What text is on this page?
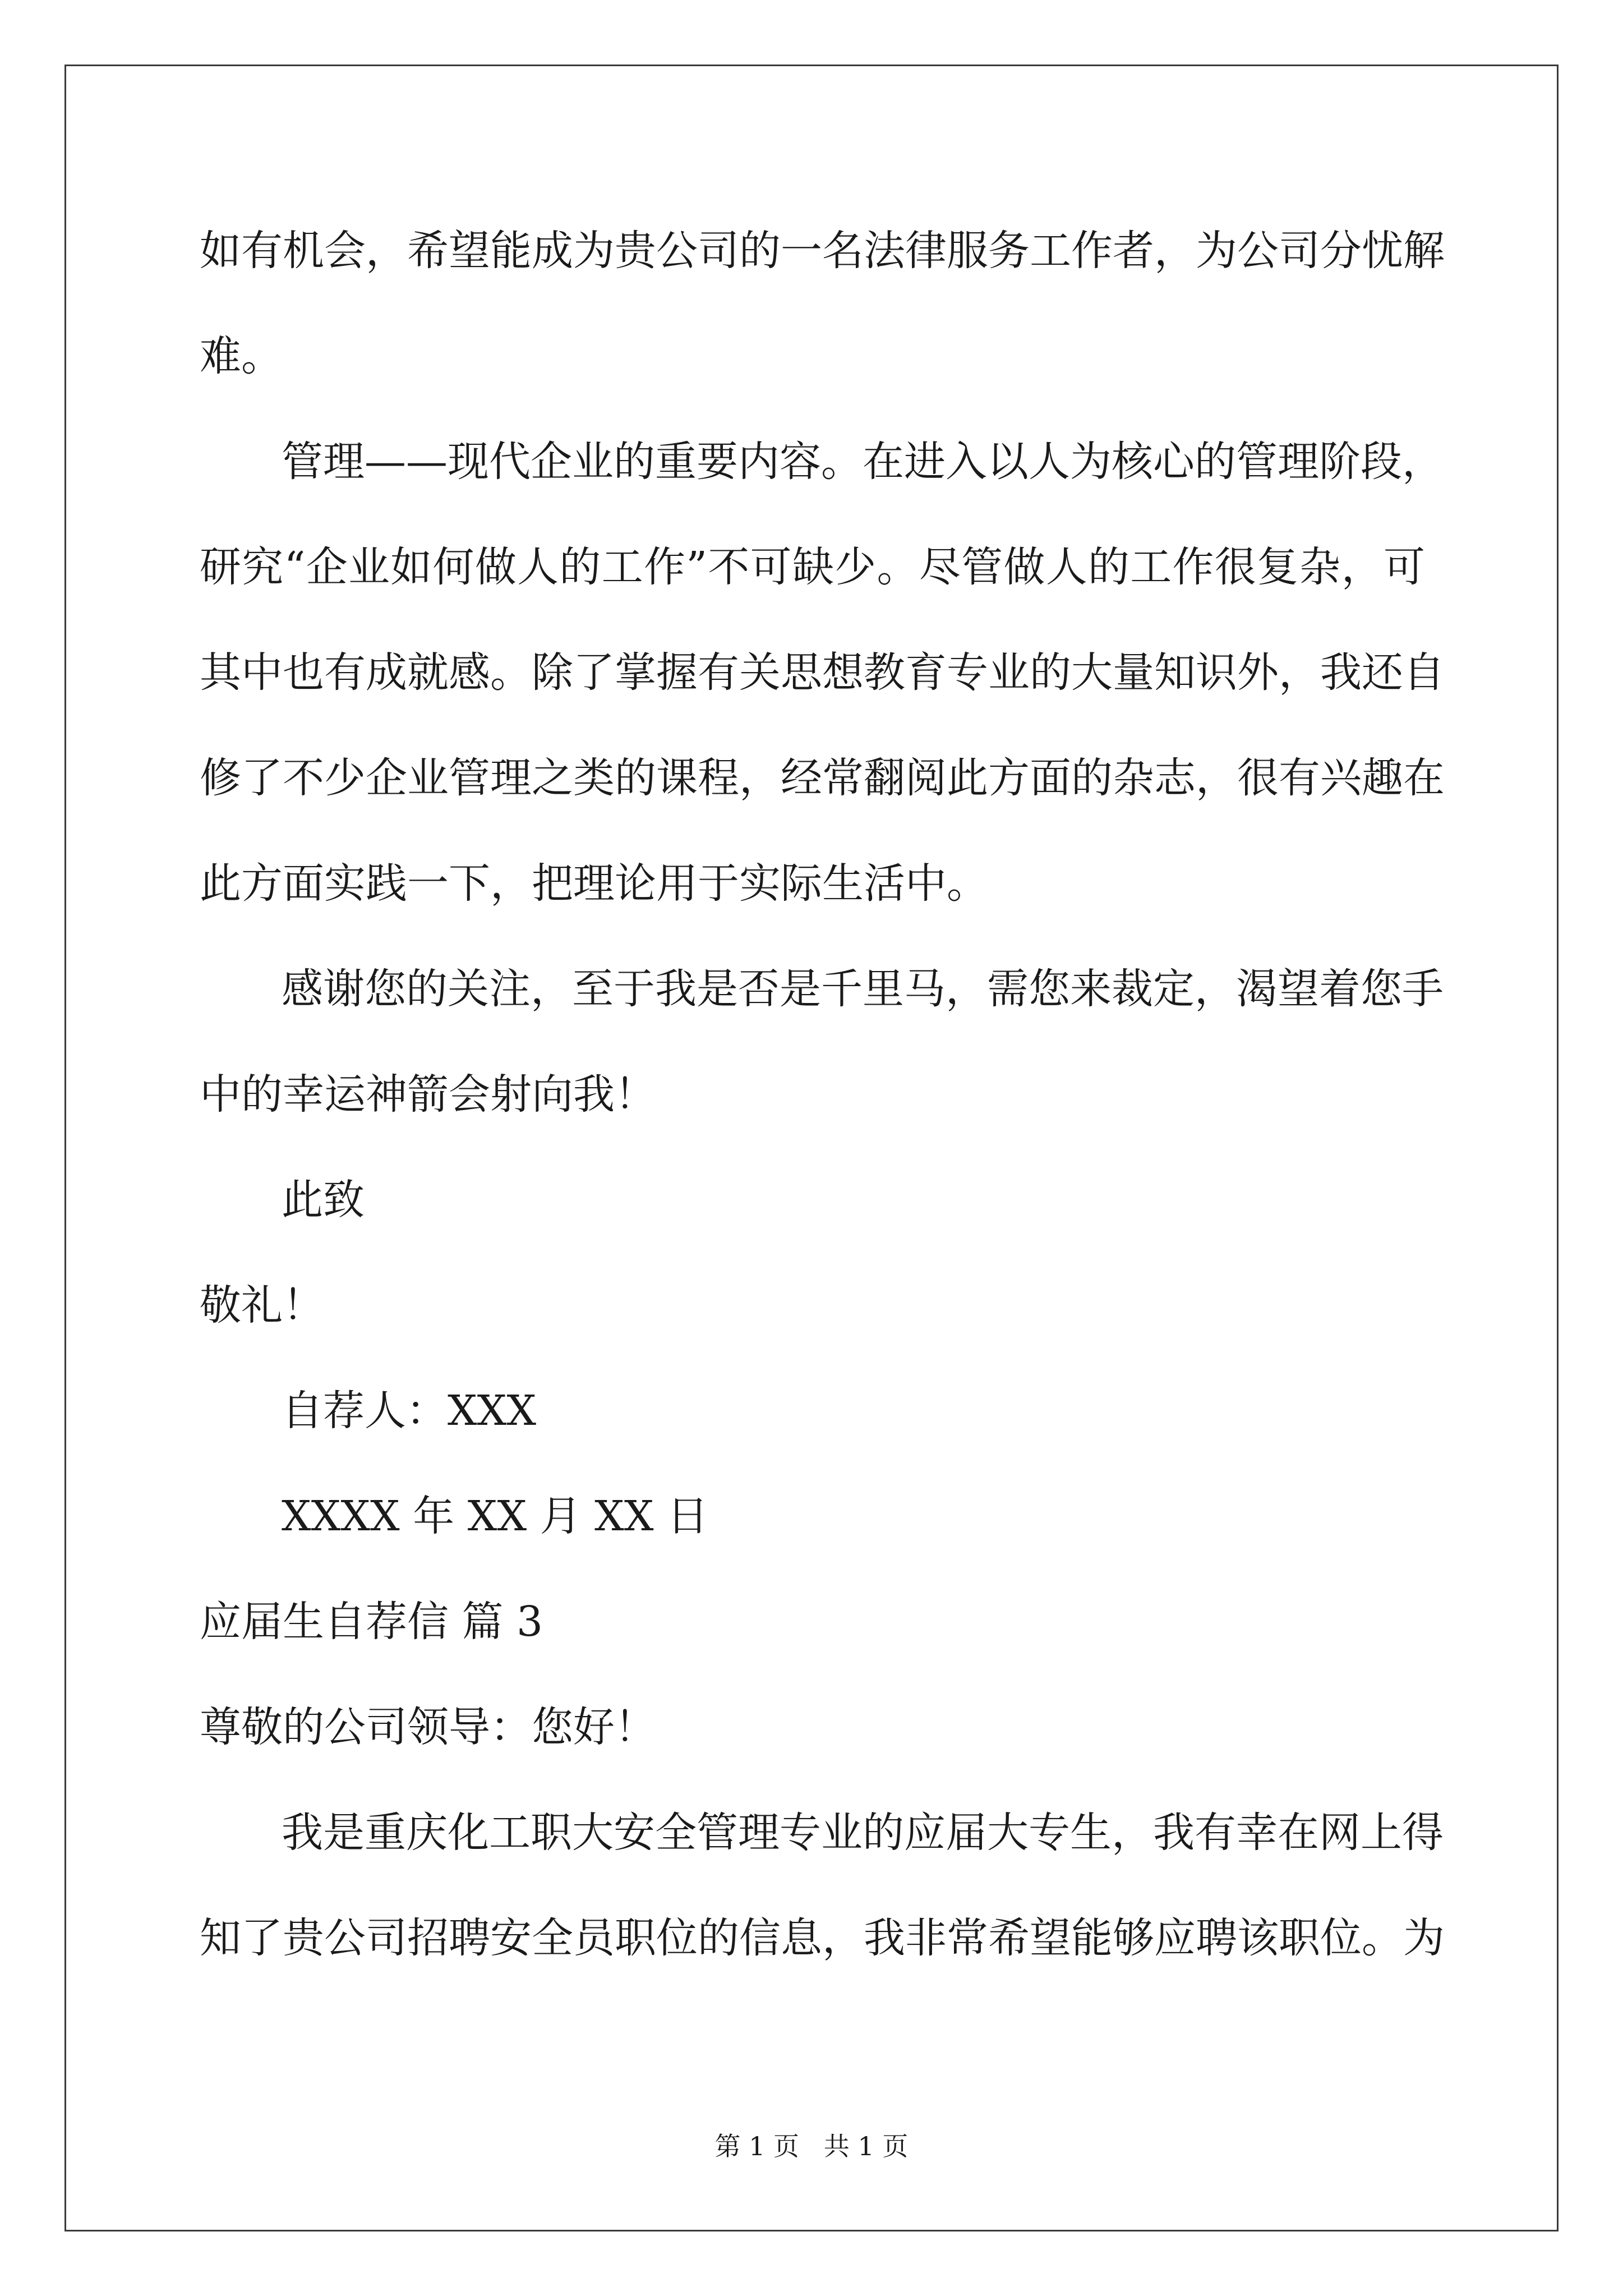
如有机会，希望能成为贵公司的一名法律服务工作者，为公司分忧解
难。
管理——现代企业的重要内容。在进入以人为核心的管理阶段，
研究“企业如何做人的工作”不可缺少。尽管做人的工作很复杂，可
其中也有成就感。除了掌握有关思想教育专业的大量知识外，我还自
修了不少企业管理之类的课程，经常翻阅此方面的杂志，很有兴趣在
此方面实践一下，把理论用于实际生活中。
感谢您的关注，至于我是否是千里马，需您来裁定，渴望着您手
中的幸运神箭会射向我！
此致
敬礼！
自荐人：XXX
XXXX 年 XX 月 XX 日
应届生自荐信 篇 3
尊敬的公司领导：您好！
我是重庆化工职大安全管理专业的应届大专生，我有幸在网上得
知了贵公司招聘安全员职位的信息，我非常希望能够应聘该职位。为
第 1 页   共 1 页
